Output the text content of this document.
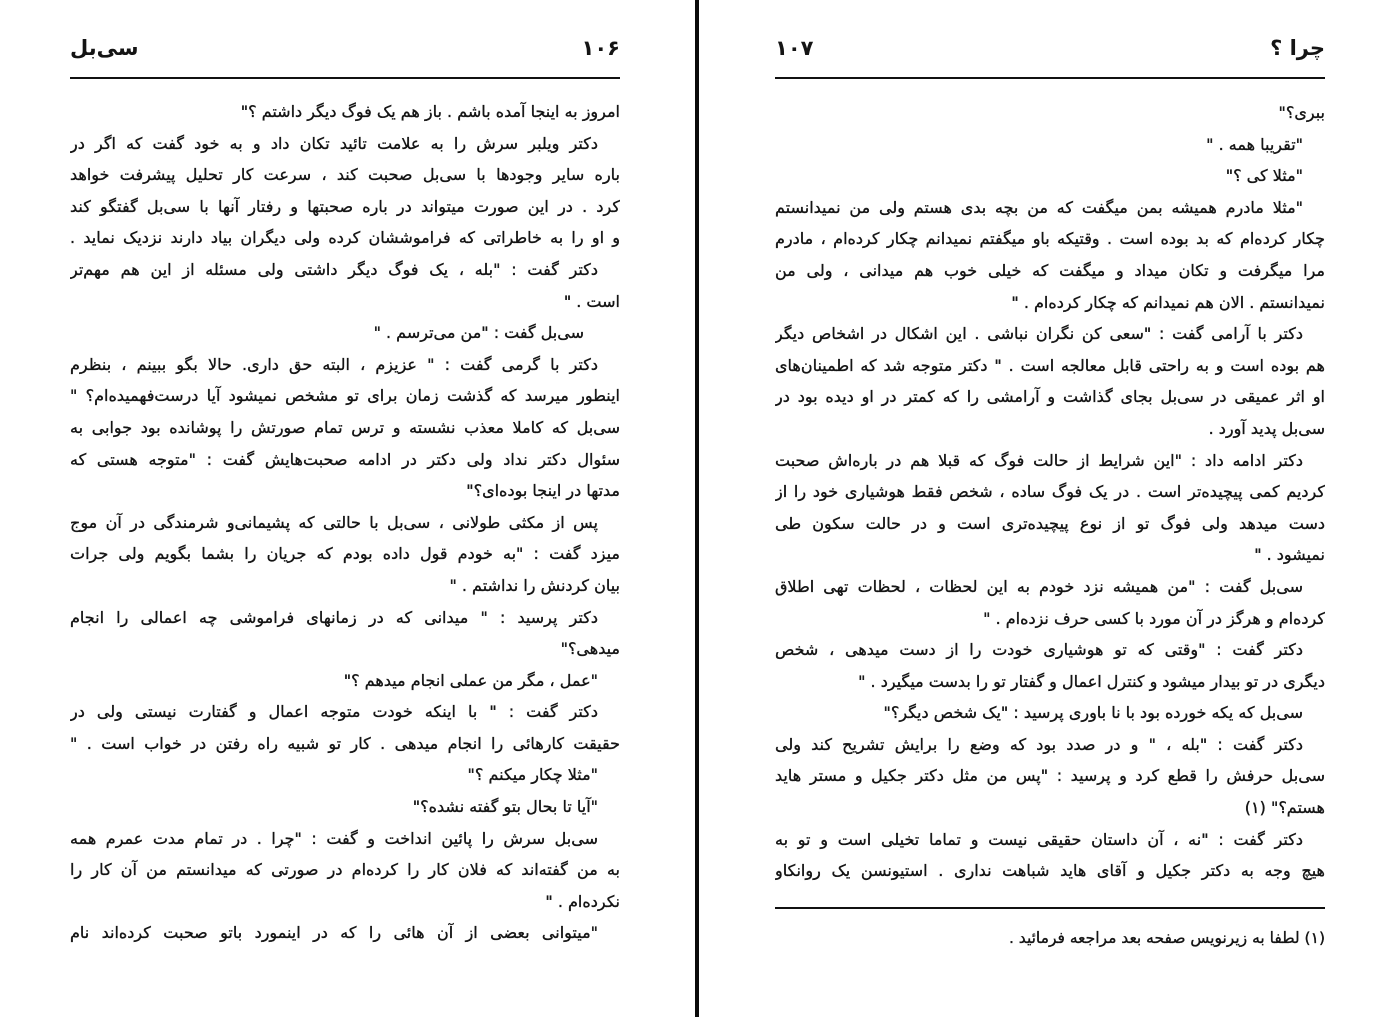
سی‌بل	۱۰۶
امروز به اینجا آمده باشم . باز هم یک فوگ دیگر داشتم ؟"
دکتر ویلبر سرش را به علامت تائید تکان داد و به خود گفت که اگر در
باره سایر وجودها با سی‌بل صحبت کند ، سرعت کار تحلیل پیشرفت خواهد
کرد . در این صورت میتواند در باره صحبتها و رفتار آنها با سی‌بل گفتگو کند
و او را به خاطراتی که فراموششان کرده ولی دیگران بیاد دارند نزدیک نماید .
دکتر گفت : "بله ، یک فوگ دیگر داشتی ولی مسئله از این هم مهم‌تر
است . "
سی‌بل گفت : "من می‌ترسم . "
دکتر با گرمی گفت : " عزیزم ، البته حق داری. حالا بگو ببینم ، بنظرم
اینطور میرسد که گذشت زمان برای تو مشخص نمیشود آیا درست‌فهمیده‌ام؟ "
سی‌بل که کاملا معذب نشسته و ترس تمام صورتش را پوشانده بود جوابی به
سئوال دکتر نداد ولی دکتر در ادامه صحبت‌هایش گفت : "متوجه هستی که
مدتها در اینجا بوده‌ای؟"
پس از مکثی طولانی ، سی‌بل با حالتی که پشیمانی‌و شرمندگی در آن موج
میزد گفت : "به خودم قول داده بودم که جریان را بشما بگویم ولی جرات
بیان کردنش را نداشتم . "
دکتر پرسید : " میدانی که در زمانهای فراموشی چه اعمالی را انجام
میدهی؟"
"عمل ، مگر من عملی انجام میدهم ؟"
دکتر گفت : " با اینکه خودت متوجه اعمال و گفتارت نیستی ولی در
حقیقت کارهائی را انجام میدهی . کار تو شبیه راه رفتن در خواب است . "
"مثلا چکار میکنم ؟"
"آیا تا بحال بتو گفته نشده؟"
سی‌بل سرش را پائین انداخت و گفت : "چرا . در تمام مدت عمرم همه
به من گفته‌اند که فلان کار را کرده‌ام در صورتی که میدانستم من آن کار را
نکرده‌ام . "
"میتوانی بعضی از آن هائی را که در اینمورد باتو صحبت کرده‌اند نام
۱۰۷	چرا ؟
ببری؟"
"تقریبا همه . "
"مثلا کی ؟"
"مثلا مادرم همیشه بمن میگفت که من بچه بدی هستم ولی من نمیدانستم
چکار کرده‌ام که بد بوده است . وقتیکه باو میگفتم نمیدانم چکار کرده‌ام ، مادرم
مرا میگرفت و تکان میداد و میگفت که خیلی خوب هم میدانی ، ولی من
نمیدانستم . الان هم نمیدانم که چکار کرده‌ام . "
دکتر با آرامی گفت : "سعی کن نگران نباشی . این اشکال در اشخاص دیگر
هم بوده است و به راحتی قابل معالجه است . " دکتر متوجه شد که اطمینان‌های
او اثر عمیقی در سی‌بل بجای گذاشت و آرامشی را که کمتر در او دیده بود در
سی‌بل پدید آورد .
دکتر ادامه داد : "این شرایط از حالت فوگ که قبلا هم در باره‌اش صحبت
کردیم کمی پیچیده‌تر است . در یک فوگ ساده ، شخص فقط هوشیاری خود را از
دست میدهد ولی فوگ تو از نوع پیچیده‌تری است و در حالت سکون طی
نمیشود . "
سی‌بل گفت : "من همیشه نزد خودم به این لحظات ، لحظات تهی اطلاق
کرده‌ام و هرگز در آن مورد با کسی حرف نزده‌ام . "
دکتر گفت : "وقتی که تو هوشیاری خودت را از دست میدهی ، شخص
دیگری در تو بیدار میشود و کنترل اعمال و گفتار تو را بدست میگیرد . "
سی‌بل که یکه خورده بود با نا باوری پرسید : "یک شخص دیگر؟"
دکتر گفت : "بله ، " و در صدد بود که وضع را برایش تشریح کند ولی
سی‌بل حرفش را قطع کرد و پرسید : "پس من مثل دکتر جکیل و مستر هاید
هستم؟" (۱)
دکتر گفت : "نه ، آن داستان حقیقی نیست و تماما تخیلی است و تو به
هیچ وجه به دکتر جکیل و آقای هاید شباهت نداری . استیونسن یک روانکاو
(۱) لطفا به زیرنویس صفحه بعد مراجعه فرمائید .
